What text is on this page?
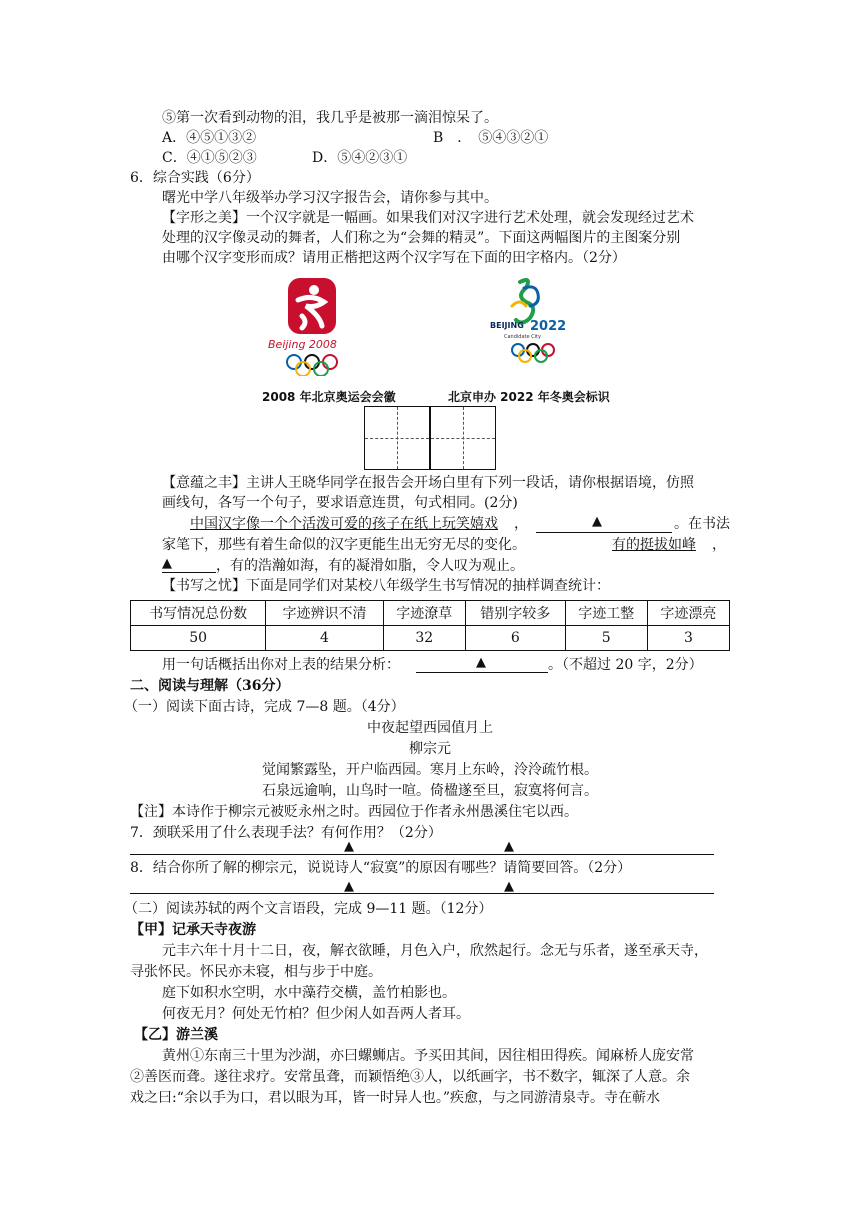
⑤第一次看到动物的泪，我几乎是被那一滴泪惊呆了。
A．④⑤①③②	B　．　⑤④③②①
C．④①⑤②③	D．⑤④②③①
6．综合实践（6分）
曙光中学八年级举办学习汉字报告会，请你参与其中。
【字形之美】一个汉字就是一幅画。如果我们对汉字进行艺术处理，就会发现经过艺术
处理的汉字像灵动的舞者，人们称之为“会舞的精灵”。下面这两幅图片的主图案分别
由哪个汉字变形而成？请用正楷把这两个汉字写在下面的田字格内。（2分）
Beijing 2008
BEIJING 2022
Candidate City
2008 年北京奥运会会徽	北京申办 2022 年冬奥会标识
【意蕴之丰】主讲人王晓华同学在报告会开场白里有下列一段话，请你根据语境，仿照
画线句，各写一个句子，要求语意连贯，句式相同。(2分)
中国汉字像一个个活泼可爱的孩子在纸上玩笑嬉戏 ，	▲	。在书法
家笔下，那些有着生命似的汉字更能生出无穷无尽的变化。	有的挺拔如峰 ，
▲	，有的浩瀚如海，有的凝滑如脂，令人叹为观止。
【书写之忧】下面是同学们对某校八年级学生书写情况的抽样调查统计：
书写情况总份数	字迹辨识不清	字迹潦草	错别字较多	字迹工整	字迹漂亮
50	4	32	6	5	3
用一句话概括出你对上表的结果分析：	▲	。（不超过 20 字，2分）
二、阅读与理解（36分）
（一）阅读下面古诗，完成 7—8 题。（4分）
中夜起望西园值月上
柳宗元
觉闻繁露坠，开户临西园。寒月上东岭，泠泠疏竹根。
石泉远逾响，山鸟时一喧。倚楹遂至旦，寂寞将何言。
【注】本诗作于柳宗元被贬永州之时。西园位于作者永州愚溪住宅以西。
7．颈联采用了什么表现手法？有何作用？（2分）
▲	▲
8．结合你所了解的柳宗元，说说诗人“寂寞”的原因有哪些？请简要回答。（2分）
▲	▲
（二）阅读苏轼的两个文言语段，完成 9—11 题。（12分）
【甲】记承天寺夜游
元丰六年十月十二日，夜，解衣欲睡，月色入户，欣然起行。念无与乐者，遂至承天寺，
寻张怀民。怀民亦未寝，相与步于中庭。
庭下如积水空明，水中藻荇交横，盖竹柏影也。
何夜无月？何处无竹柏？但少闲人如吾两人者耳。
【乙】游兰溪
黄州①东南三十里为沙湖，亦曰螺蛳店。予买田其间，因往相田得疾。闻麻桥人庞安常
②善医而聋。遂往求疗。安常虽聋，而颖悟绝③人，以纸画字，书不数字，辄深了人意。余
戏之曰:“余以手为口，君以眼为耳，皆一时异人也。”疾愈，与之同游清泉寺。寺在蕲水
